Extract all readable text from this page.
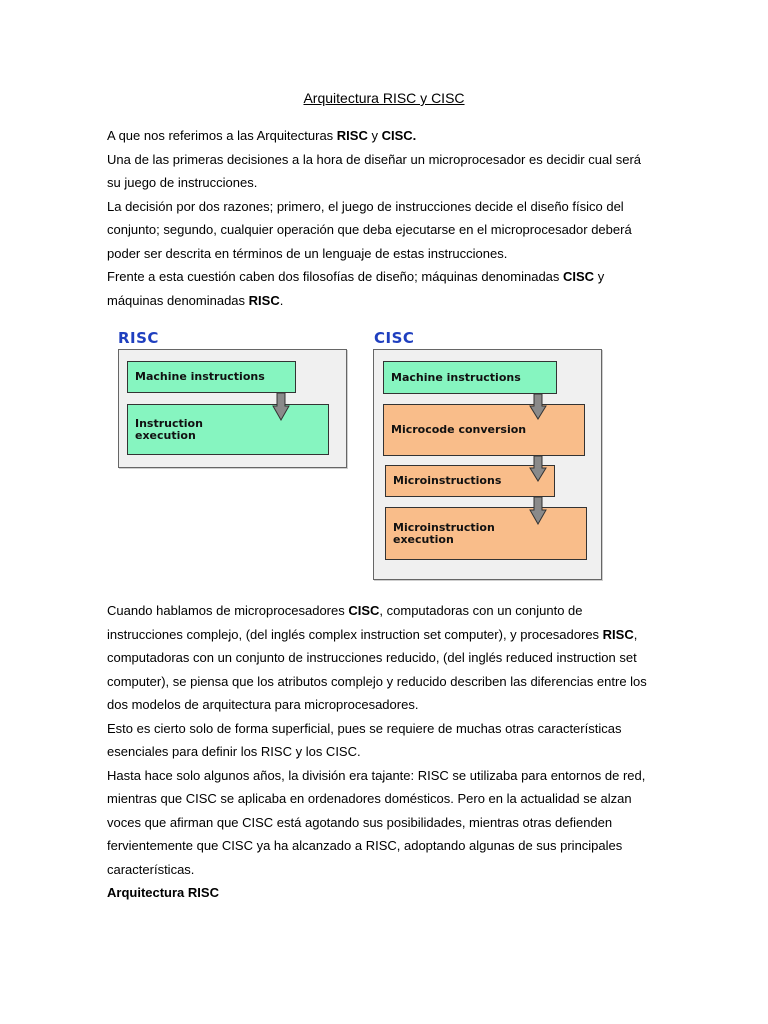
Arquitectura RISC y CISC
A que nos referimos a las Arquitecturas RISC y CISC.
Una de las primeras decisiones a la hora de diseñar un microprocesador es decidir cual será
su juego de instrucciones.
La decisión por dos razones; primero, el juego de instrucciones decide el diseño físico del
conjunto; segundo, cualquier operación que deba ejecutarse en el microprocesador deberá
poder ser descrita en términos de un lenguaje de estas instrucciones.
Frente a esta cuestión caben dos filosofías de diseño; máquinas denominadas CISC y
máquinas denominadas RISC.
RISC
Machine instructions
Instruction
execution
CISC
Machine instructions
Microcode conversion
Microinstructions
Microinstruction
execution
Cuando hablamos de microprocesadores CISC, computadoras con un conjunto de
instrucciones complejo, (del inglés complex instruction set computer), y procesadores RISC,
computadoras con un conjunto de instrucciones reducido, (del inglés reduced instruction set
computer), se piensa que los atributos complejo y reducido describen las diferencias entre los
dos modelos de arquitectura para microprocesadores.
Esto es cierto solo de forma superficial, pues se requiere de muchas otras características
esenciales para definir los RISC y los CISC.
Hasta hace solo algunos años, la división era tajante: RISC se utilizaba para entornos de red,
mientras que CISC se aplicaba en ordenadores domésticos. Pero en la actualidad se alzan
voces que afirman que CISC está agotando sus posibilidades, mientras otras defienden
fervientemente que CISC ya ha alcanzado a RISC, adoptando algunas de sus principales
características.
Arquitectura RISC
